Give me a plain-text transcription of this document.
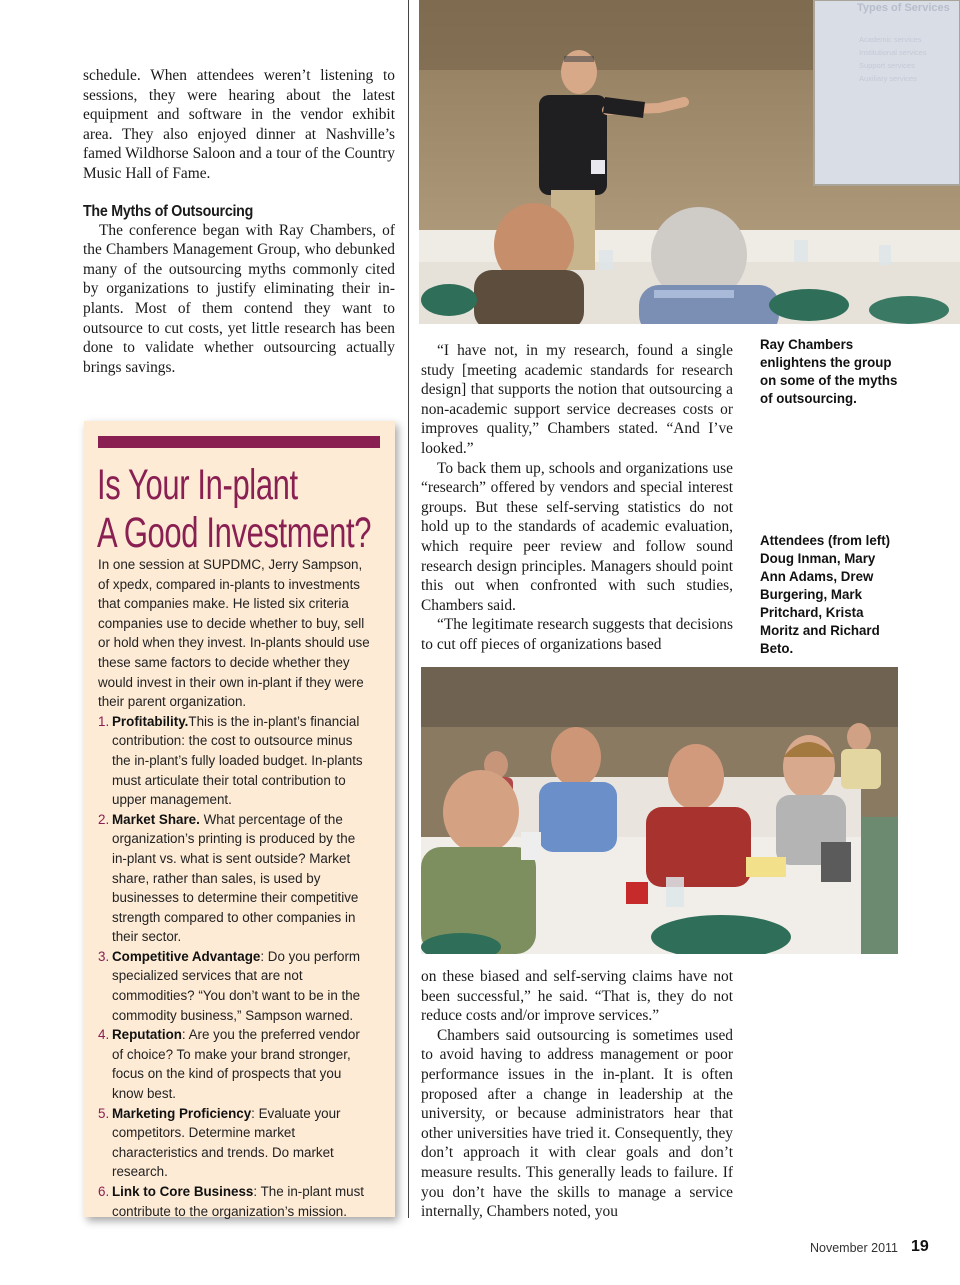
schedule. When attendees weren’t listening to sessions, they were hearing about the latest equipment and software in the vendor exhibit area. They also enjoyed dinner at Nashville’s famed Wildhorse Saloon and a tour of the Country Music Hall of Fame.

The Myths of Outsourcing

The conference began with Ray Chambers, of the Chambers Management Group, who debunked many of the outsourcing myths commonly cited by organizations to justify eliminating their in-plants. Most of them contend they want to outsource to cut costs, yet little research has been done to validate whether outsourcing actually brings savings.

Is Your In-plant
A Good Investment?

In one session at SUPDMC, Jerry Sampson, of xpedx, compared in-plants to investments that companies make. He listed six criteria companies use to decide whether to buy, sell or hold when they invest. In-plants should use these same factors to decide whether they would invest in their own in-plant if they were their parent organization.

1. Profitability.This is the in-plant’s financial contribution: the cost to outsource minus the in-plant’s fully loaded budget. In-plants must articulate their total contribution to upper management.
2. Market Share. What percentage of the organization’s printing is produced by the in-plant vs. what is sent outside? Market share, rather than sales, is used by businesses to determine their competitive strength compared to other companies in their sector.
3. Competitive Advantage: Do you perform specialized services that are not commodities? “You don’t want to be in the commodity business,” Sampson warned.
4. Reputation: Are you the preferred vendor of choice? To make your brand stronger, focus on the kind of prospects that you know best.
5. Marketing Proficiency: Evaluate your competitors. Determine market characteristics and trends. Do market research.
6. Link to Core Business: The in-plant must contribute to the organization’s mission.
Types of Services
Academic services
Institutional services
Support services
Auxiliary services

“I have not, in my research, found a single study [meeting academic standards for research design] that supports the notion that outsourcing a non-academic support service decreases costs or improves quality,” Chambers stated. “And I’ve looked.”

To back them up, schools and organizations use “research” offered by vendors and special interest groups. But these self-serving statistics do not hold up to the standards of academic evaluation, which require peer review and follow sound research design principles. Managers should point this out when confronted with such studies, Chambers said.

“The legitimate research suggests that decisions to cut off pieces of organizations based

Ray Chambers enlightens the group on some of the myths of outsourcing.
Attendees (from left) Doug Inman, Mary Ann Adams, Drew Burgering, Mark Pritchard, Krista Moritz and Richard Beto.

on these biased and self-serving claims have not been successful,” he said. “That is, they do not reduce costs and/or improve services.”

Chambers said outsourcing is sometimes used to avoid having to address management or poor performance issues in the in-plant. It is often proposed after a change in leadership at the university, or because administrators hear that other universities have tried it. Consequently, they don’t approach it with clear goals and don’t measure results. This generally leads to failure. If you don’t have the skills to manage a service internally, Chambers noted, you

November 2011 19
